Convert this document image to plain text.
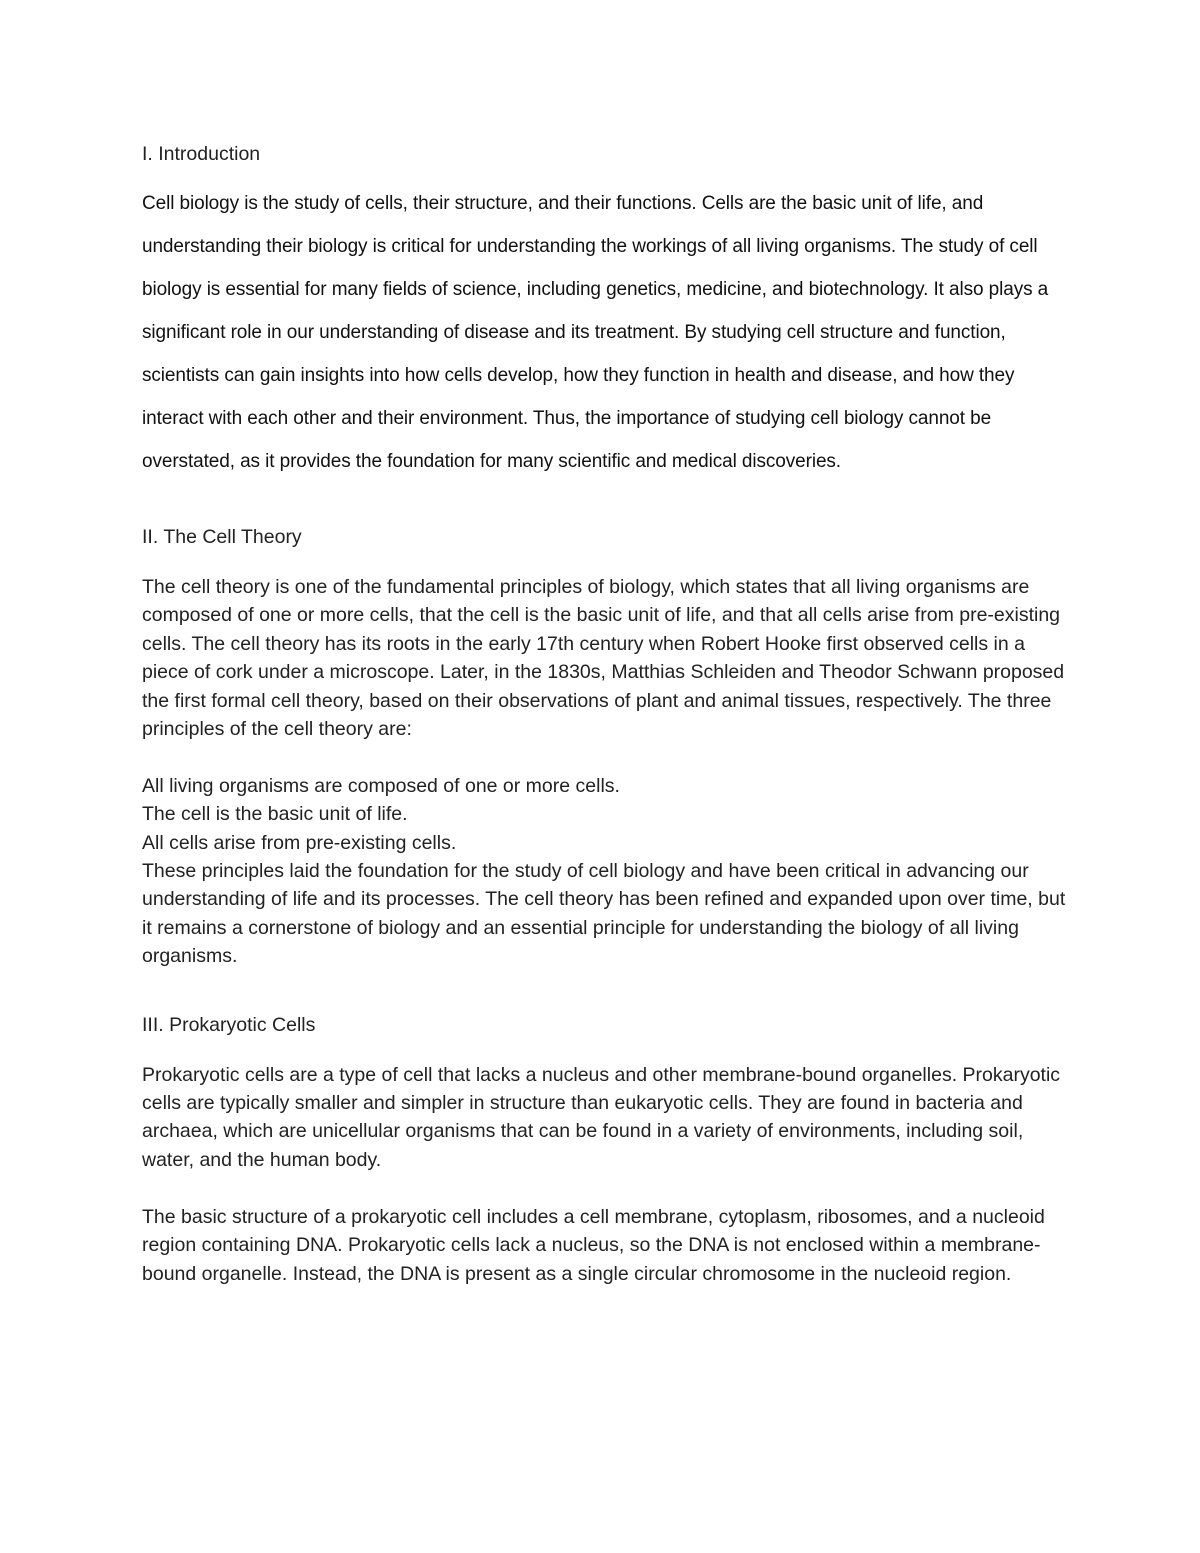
I. Introduction

Cell biology is the study of cells, their structure, and their functions. Cells are the basic unit of life, and understanding their biology is critical for understanding the workings of all living organisms. The study of cell biology is essential for many fields of science, including genetics, medicine, and biotechnology. It also plays a significant role in our understanding of disease and its treatment. By studying cell structure and function, scientists can gain insights into how cells develop, how they function in health and disease, and how they interact with each other and their environment. Thus, the importance of studying cell biology cannot be overstated, as it provides the foundation for many scientific and medical discoveries.

II. The Cell Theory

The cell theory is one of the fundamental principles of biology, which states that all living organisms are composed of one or more cells, that the cell is the basic unit of life, and that all cells arise from pre-existing cells. The cell theory has its roots in the early 17th century when Robert Hooke first observed cells in a piece of cork under a microscope. Later, in the 1830s, Matthias Schleiden and Theodor Schwann proposed the first formal cell theory, based on their observations of plant and animal tissues, respectively. The three principles of the cell theory are:

All living organisms are composed of one or more cells.
The cell is the basic unit of life.
All cells arise from pre-existing cells.

These principles laid the foundation for the study of cell biology and have been critical in advancing our understanding of life and its processes. The cell theory has been refined and expanded upon over time, but it remains a cornerstone of biology and an essential principle for understanding the biology of all living organisms.

III. Prokaryotic Cells

Prokaryotic cells are a type of cell that lacks a nucleus and other membrane-bound organelles. Prokaryotic cells are typically smaller and simpler in structure than eukaryotic cells. They are found in bacteria and archaea, which are unicellular organisms that can be found in a variety of environments, including soil, water, and the human body.

The basic structure of a prokaryotic cell includes a cell membrane, cytoplasm, ribosomes, and a nucleoid region containing DNA. Prokaryotic cells lack a nucleus, so the DNA is not enclosed within a membrane-bound organelle. Instead, the DNA is present as a single circular chromosome in the nucleoid region.
